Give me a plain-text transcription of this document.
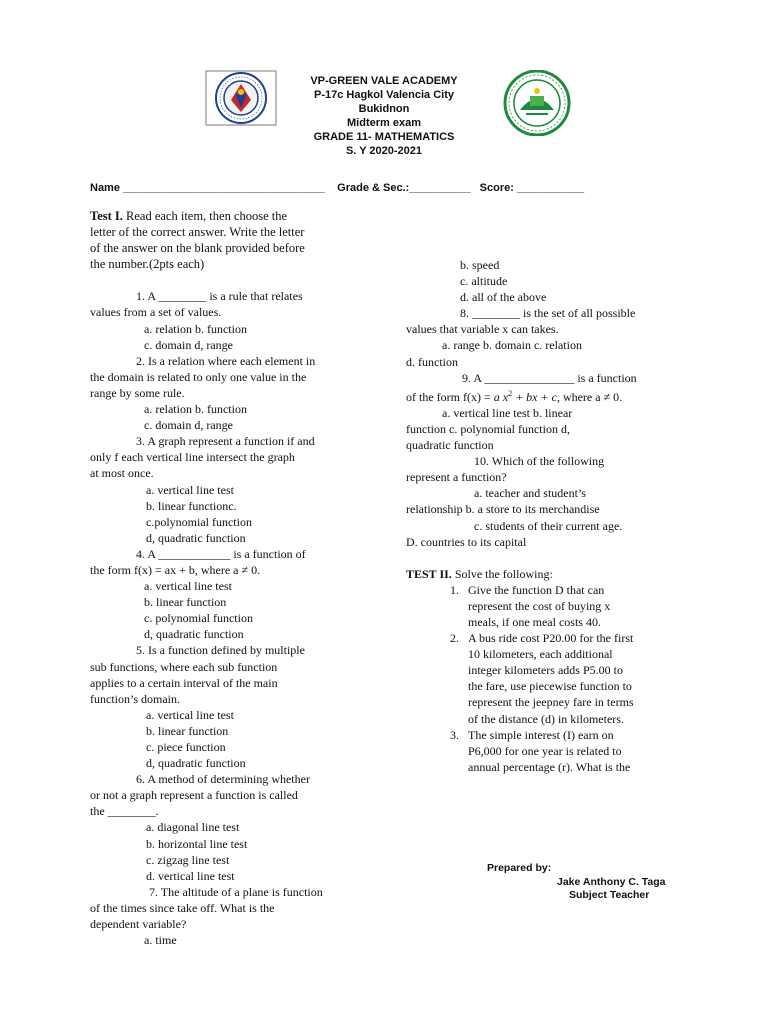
VP-GREEN VALE ACADEMY
P-17c Hagkol Valencia City
Bukidnon
Midterm exam
GRADE 11- MATHEMATICS
S. Y 2020-2021
Name _________________________________ Grade & Sec.:__________ Score: ___________

Test I. Read each item, then choose the
letter of the correct answer. Write the letter
of the answer on the blank provided before
the number.(2pts each)

1. A ________ is a rule that relates

values from a set of values.

a. relation b. function

c. domain d, range

2. Is a relation where each element in

the domain is related to only one value in the

range by some rule.

a. relation b. function

c. domain d, range

3. A graph represent a function if and

only f each vertical line intersect the graph

at most once.

a. vertical line test

b. linear functionc.

c.polynomial function

d, quadratic function

4. A ____________ is a function of

the form f(x) = ax + b, where a ≠ 0.

a. vertical line test

b. linear function

c. polynomial function

d, quadratic function

5. Is a function defined by multiple

sub functions, where each sub function

applies to a certain interval of the main

function’s domain.

a. vertical line test

b. linear function

c. piece function

d, quadratic function

6. A method of determining whether

or not a graph represent a function is called

the ________.

a. diagonal line test

b. horizontal line test

c. zigzag line test

d. vertical line test

7. The altitude of a plane is function

of the times since take off. What is the

dependent variable?

a. time

b. speed

c. altitude

d. all of the above

8. ________ is the set of all possible

values that variable x can takes.

a. range b. domain c. relation

d. function

9. A _______________ is a function

of the form f(x) = a $x^2$ + bx + c, where a ≠ 0.

a. vertical line test b. linear

function c. polynomial function d,

quadratic function

10. Which of the following

represent a function?

a. teacher and student’s

relationship b. a store to its merchandise

c. students of their current age.

D. countries to its capital

TEST II. Solve the following:

1. Give the function D that can
represent the cost of buying x
meals, if one meal costs 40.
2. A bus ride cost P20.00 for the first
10 kilometers, each additional
integer kilometers adds P5.00 to
the fare, use piecewise function to
represent the jeepney fare in terms
of the distance (d) in kilometers.
3. The simple interest (I) earn on
P6,000 for one year is related to
annual percentage (r). What is the
Prepared by:
Jake Anthony C. Taga
Subject Teacher
